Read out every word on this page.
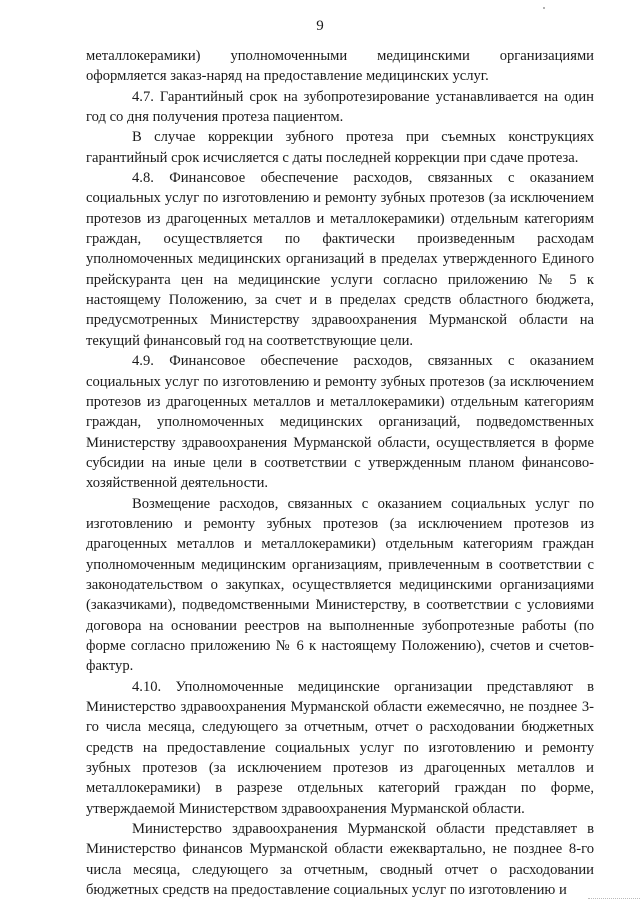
9

металлокерамики) уполномоченными медицинскими организациями оформляется заказ-наряд на предоставление медицинских услуг.

4.7. Гарантийный срок на зубопротезирование устанавливается на один год со дня получения протеза пациентом.

В случае коррекции зубного протеза при съемных конструкциях гарантийный срок исчисляется с даты последней коррекции при сдаче протеза.

4.8. Финансовое обеспечение расходов, связанных с оказанием социальных услуг по изготовлению и ремонту зубных протезов (за исключением протезов из драгоценных металлов и металлокерамики) отдельным категориям граждан, осуществляется по фактически произведенным расходам уполномоченных медицинских организаций в пределах утвержденного Единого прейскуранта цен на медицинские услуги согласно приложению № 5 к настоящему Положению, за счет и в пределах средств областного бюджета, предусмотренных Министерству здравоохранения Мурманской области на текущий финансовый год на соответствующие цели.

4.9. Финансовое обеспечение расходов, связанных с оказанием социальных услуг по изготовлению и ремонту зубных протезов (за исключением протезов из драгоценных металлов и металлокерамики) отдельным категориям граждан, уполномоченных медицинских организаций, подведомственных Министерству здравоохранения Мурманской области, осуществляется в форме субсидии на иные цели в соответствии с утвержденным планом финансово-хозяйственной деятельности.

Возмещение расходов, связанных с оказанием социальных услуг по изготовлению и ремонту зубных протезов (за исключением протезов из драгоценных металлов и металлокерамики) отдельным категориям граждан уполномоченным медицинским организациям, привлеченным в соответствии с законодательством о закупках, осуществляется медицинскими организациями (заказчиками), подведомственными Министерству, в соответствии с условиями договора на основании реестров на выполненные зубопротезные работы (по форме согласно приложению № 6 к настоящему Положению), счетов и счетов-фактур.

4.10. Уполномоченные медицинские организации представляют в Министерство здравоохранения Мурманской области ежемесячно, не позднее 3-го числа месяца, следующего за отчетным, отчет о расходовании бюджетных средств на предоставление социальных услуг по изготовлению и ремонту зубных протезов (за исключением протезов из драгоценных металлов и металлокерамики) в разрезе отдельных категорий граждан по форме, утверждаемой Министерством здравоохранения Мурманской области.

Министерство здравоохранения Мурманской области представляет в Министерство финансов Мурманской области ежеквартально, не позднее 8-го числа месяца, следующего за отчетным, сводный отчет о расходовании бюджетных средств на предоставление социальных услуг по изготовлению и
